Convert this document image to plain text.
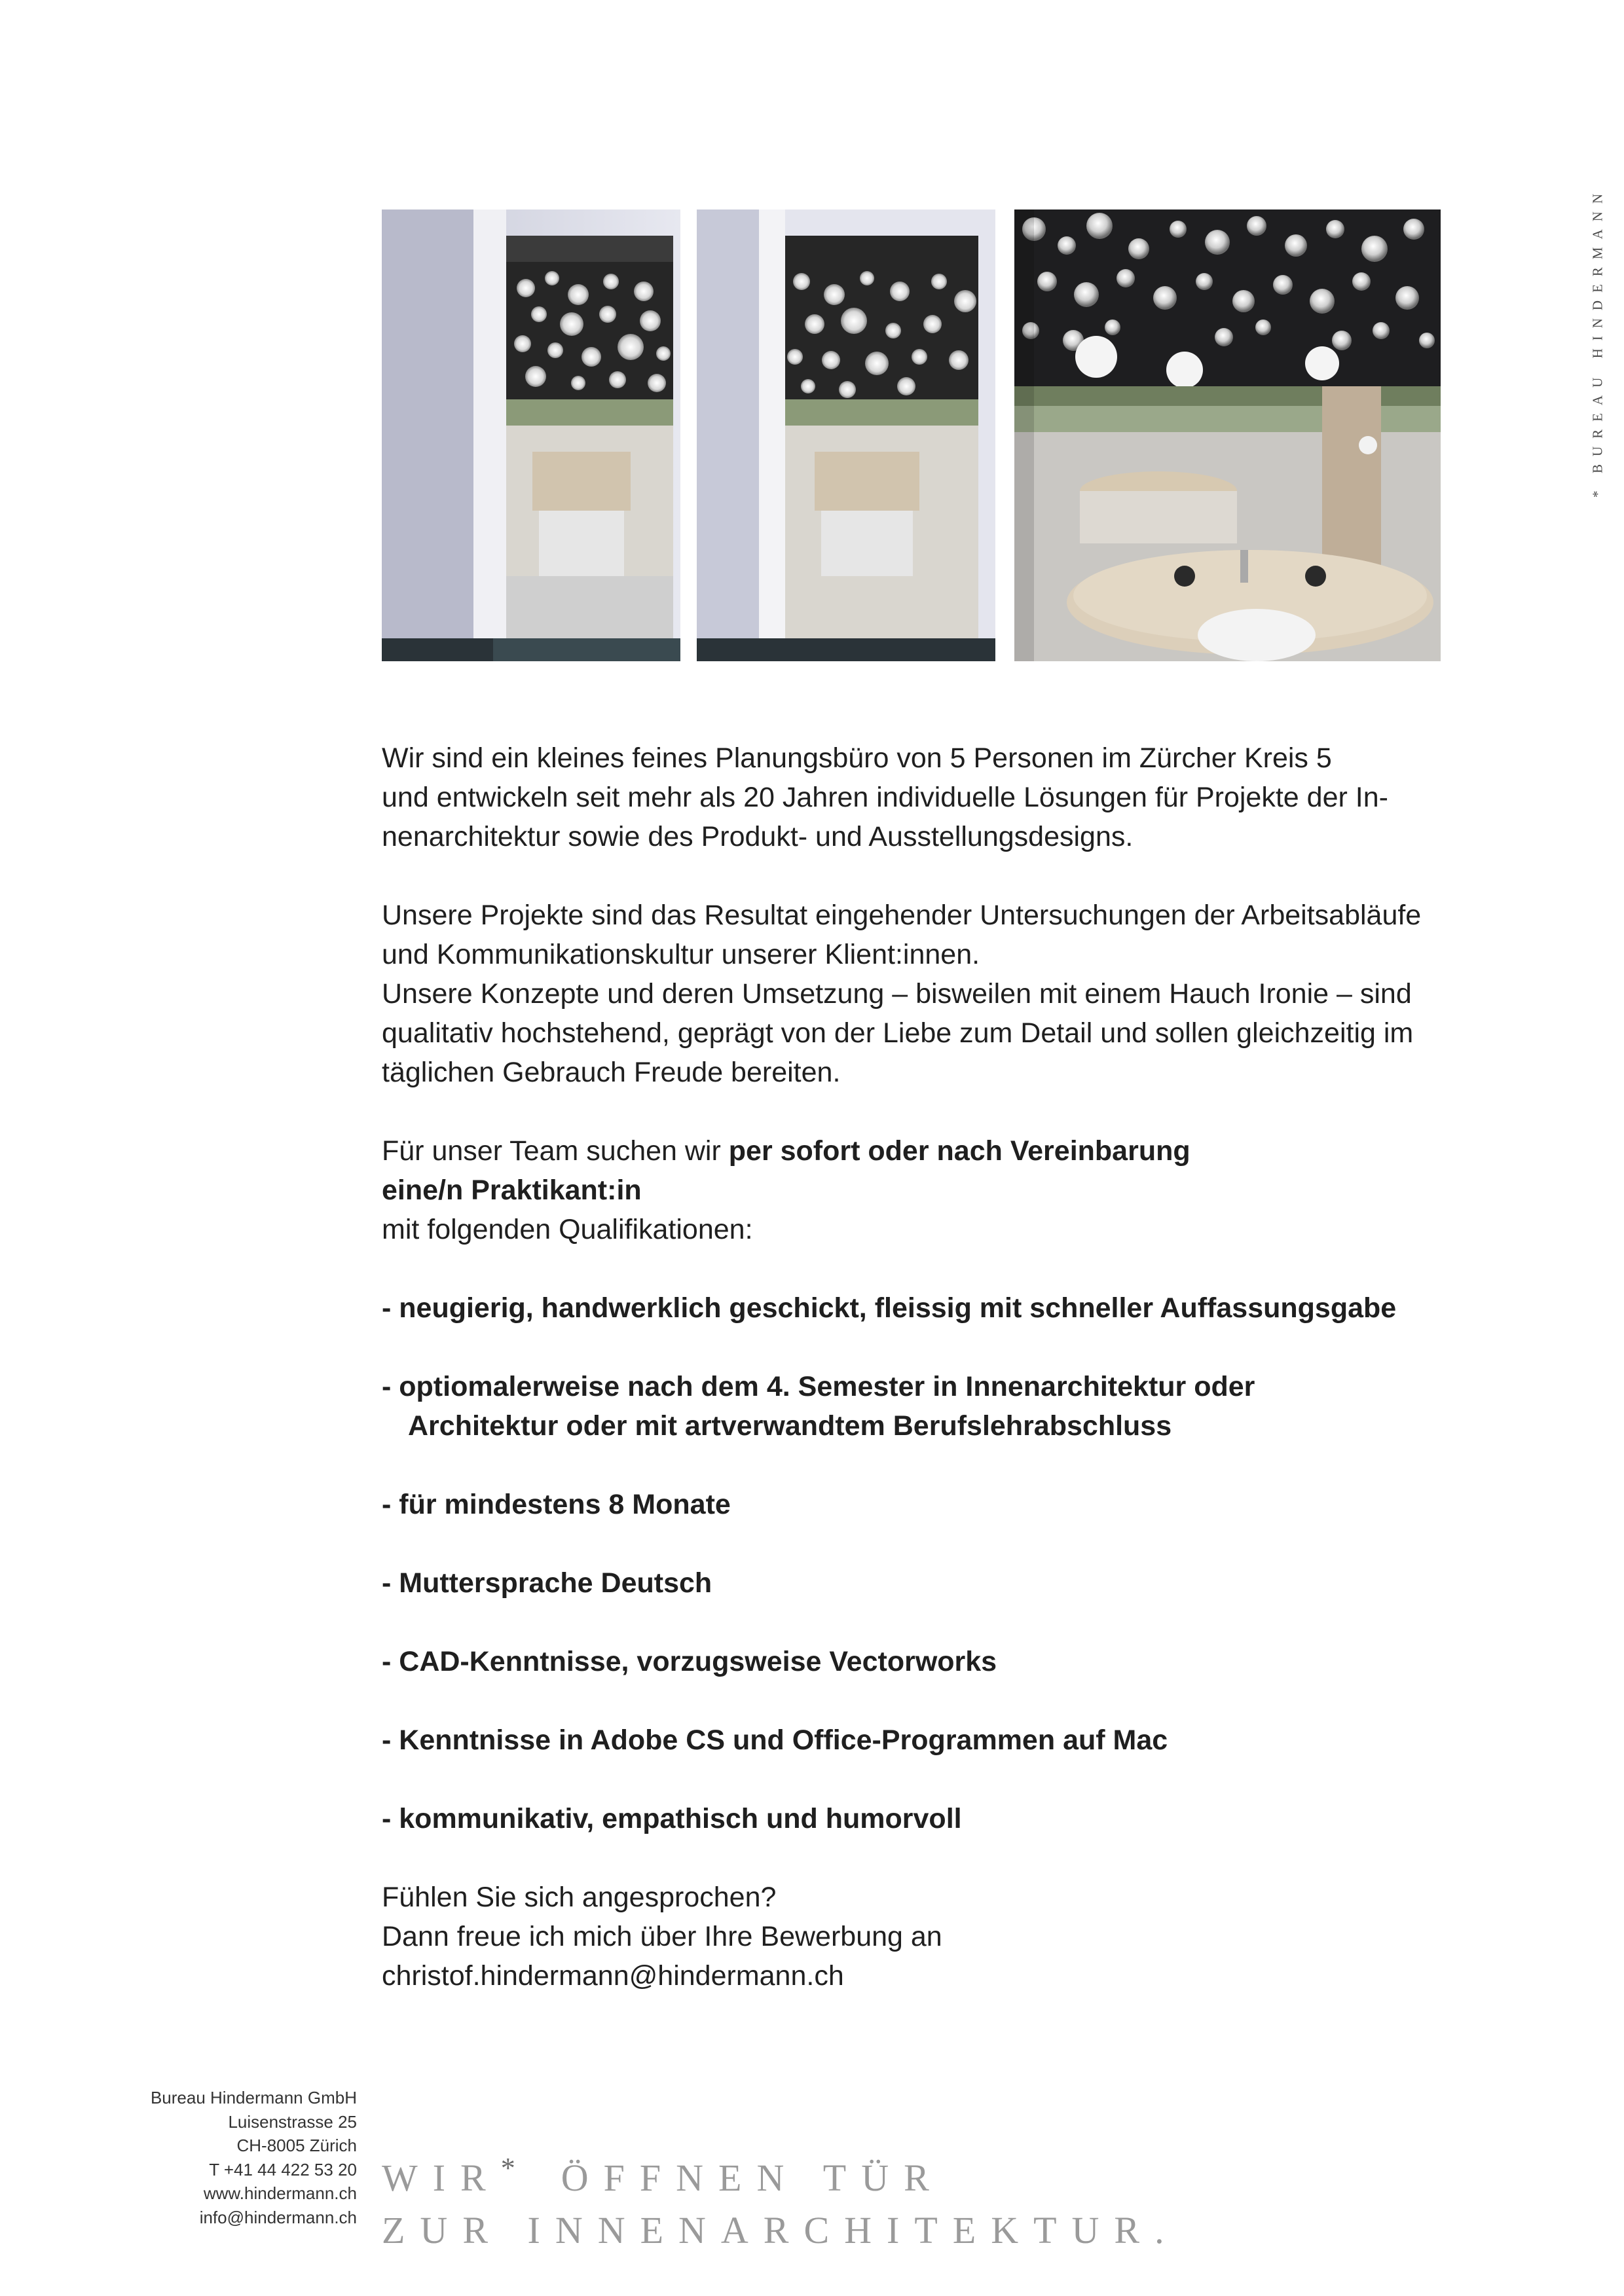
*
BUREAU HINDERMANN

Wir sind ein kleines feines Planungsbüro von 5 Personen im Zürcher Kreis 5

und entwickeln seit mehr als 20 Jahren individuelle Lösungen für Projekte der In-

nenarchitektur sowie des Produkt- und Ausstellungsdesigns.

Unsere Projekte sind das Resultat eingehender Untersuchungen der Arbeitsabläufe

und Kommunikationskultur unserer Klient:innen.

Unsere Konzepte und deren Umsetzung – bisweilen mit einem Hauch Ironie – sind

qualitativ hochstehend, geprägt von der Liebe zum Detail und sollen gleichzeitig im

täglichen Gebrauch Freude bereiten.

Für unser Team suchen wir per sofort oder nach Vereinbarung

eine/n Praktikant:in

mit folgenden Qualifikationen:

- neugierig, handwerklich geschickt, fleissig mit schneller Auffassungsgabe

- optiomalerweise nach dem 4. Semester in Innenarchitektur oder
Architektur oder mit artverwandtem Berufslehrabschluss

- für mindestens 8 Monate

- Muttersprache Deutsch

- CAD-Kenntnisse, vorzugsweise Vectorworks

- Kenntnisse in Adobe CS und Office-Programmen auf Mac

- kommunikativ, empathisch und humorvoll

Fühlen Sie sich angesprochen?

Dann freue ich mich über Ihre Bewerbung an

christof.hindermann@hindermann.ch

Bureau Hindermann GmbH
Luisenstrasse 25
CH-8005 Zürich
T +41 44 422 53 20
www.hindermann.ch
info@hindermann.ch
WIR* ÖFFNEN TÜR
ZUR INNENARCHITEKTUR.
